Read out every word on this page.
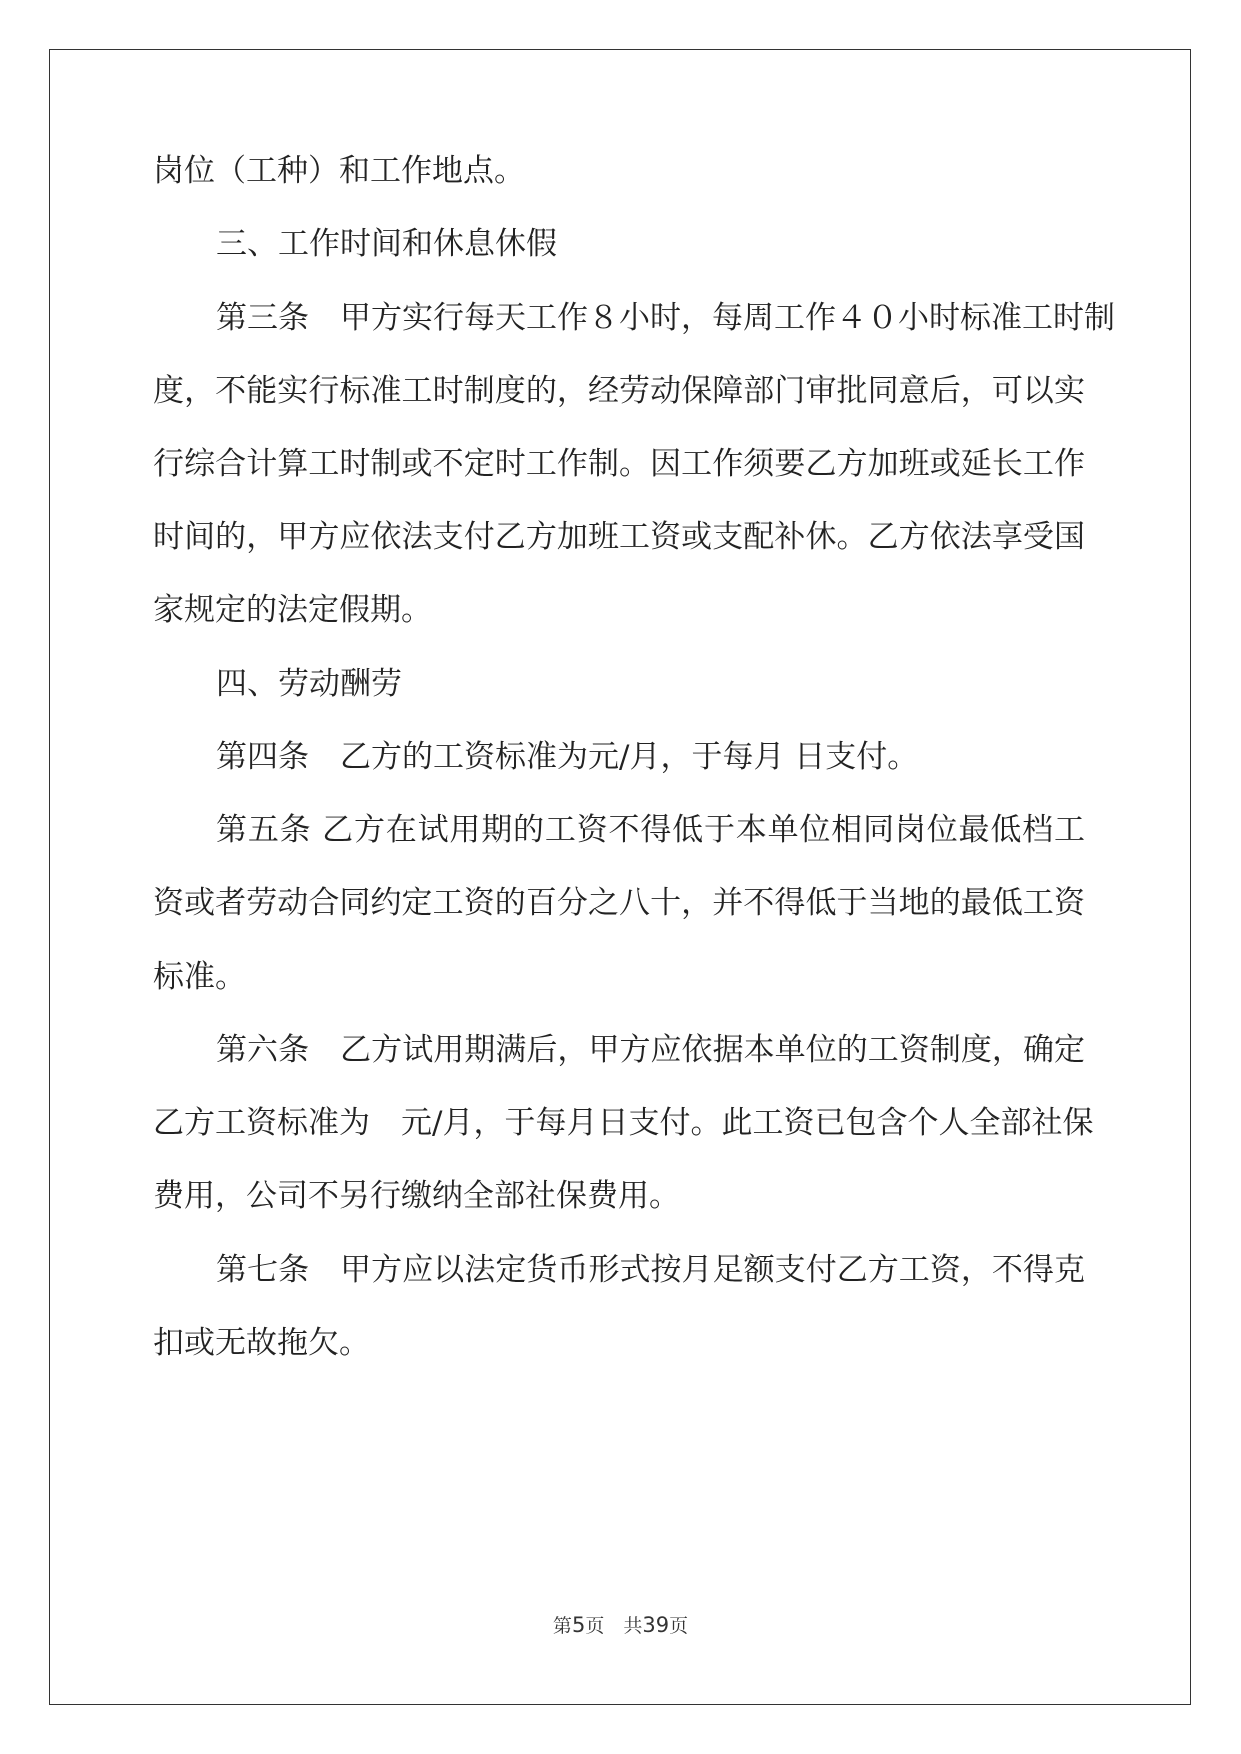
岗位（工种）和工作地点。
三、工作时间和休息休假
第三条　甲方实行每天工作８小时，每周工作４０小时标准工时制
度，不能实行标准工时制度的，经劳动保障部门审批同意后，可以实
行综合计算工时制或不定时工作制。因工作须要乙方加班或延长工作
时间的，甲方应依法支付乙方加班工资或支配补休。乙方依法享受国
家规定的法定假期。
四、劳动酬劳
第四条　乙方的工资标准为元/月，于每月 日支付。
第五条 乙方在试用期的工资不得低于本单位相同岗位最低档工
资或者劳动合同约定工资的百分之八十，并不得低于当地的最低工资
标准。
第六条　乙方试用期满后，甲方应依据本单位的工资制度，确定
乙方工资标准为　元/月，于每月日支付。此工资已包含个人全部社保
费用，公司不另行缴纳全部社保费用。
第七条　甲方应以法定货币形式按月足额支付乙方工资，不得克
扣或无故拖欠。
第5页　共39页
